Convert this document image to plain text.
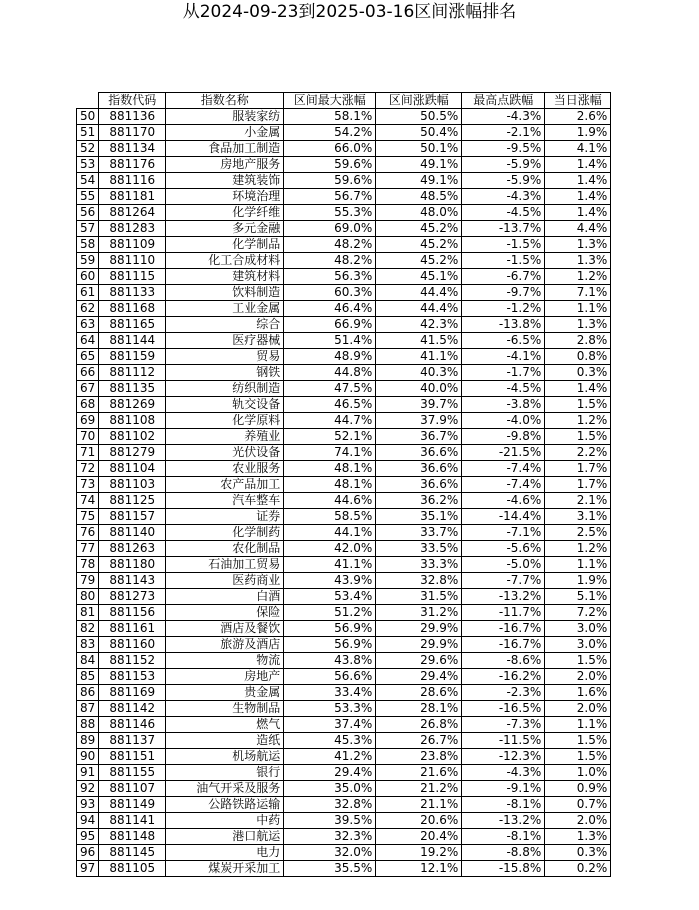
从2024-09-23到2025-03-16区间涨幅排名
	指数代码	指数名称	区间最大涨幅	区间涨跌幅	最高点跌幅	当日涨幅
50	881136	服装家纺	58.1%	50.5%	-4.3%	2.6%
51	881170	小金属	54.2%	50.4%	-2.1%	1.9%
52	881134	食品加工制造	66.0%	50.1%	-9.5%	4.1%
53	881176	房地产服务	59.6%	49.1%	-5.9%	1.4%
54	881116	建筑装饰	59.6%	49.1%	-5.9%	1.4%
55	881181	环境治理	56.7%	48.5%	-4.3%	1.4%
56	881264	化学纤维	55.3%	48.0%	-4.5%	1.4%
57	881283	多元金融	69.0%	45.2%	-13.7%	4.4%
58	881109	化学制品	48.2%	45.2%	-1.5%	1.3%
59	881110	化工合成材料	48.2%	45.2%	-1.5%	1.3%
60	881115	建筑材料	56.3%	45.1%	-6.7%	1.2%
61	881133	饮料制造	60.3%	44.4%	-9.7%	7.1%
62	881168	工业金属	46.4%	44.4%	-1.2%	1.1%
63	881165	综合	66.9%	42.3%	-13.8%	1.3%
64	881144	医疗器械	51.4%	41.5%	-6.5%	2.8%
65	881159	贸易	48.9%	41.1%	-4.1%	0.8%
66	881112	钢铁	44.8%	40.3%	-1.7%	0.3%
67	881135	纺织制造	47.5%	40.0%	-4.5%	1.4%
68	881269	轨交设备	46.5%	39.7%	-3.8%	1.5%
69	881108	化学原料	44.7%	37.9%	-4.0%	1.2%
70	881102	养殖业	52.1%	36.7%	-9.8%	1.5%
71	881279	光伏设备	74.1%	36.6%	-21.5%	2.2%
72	881104	农业服务	48.1%	36.6%	-7.4%	1.7%
73	881103	农产品加工	48.1%	36.6%	-7.4%	1.7%
74	881125	汽车整车	44.6%	36.2%	-4.6%	2.1%
75	881157	证券	58.5%	35.1%	-14.4%	3.1%
76	881140	化学制药	44.1%	33.7%	-7.1%	2.5%
77	881263	农化制品	42.0%	33.5%	-5.6%	1.2%
78	881180	石油加工贸易	41.1%	33.3%	-5.0%	1.1%
79	881143	医药商业	43.9%	32.8%	-7.7%	1.9%
80	881273	白酒	53.4%	31.5%	-13.2%	5.1%
81	881156	保险	51.2%	31.2%	-11.7%	7.2%
82	881161	酒店及餐饮	56.9%	29.9%	-16.7%	3.0%
83	881160	旅游及酒店	56.9%	29.9%	-16.7%	3.0%
84	881152	物流	43.8%	29.6%	-8.6%	1.5%
85	881153	房地产	56.6%	29.4%	-16.2%	2.0%
86	881169	贵金属	33.4%	28.6%	-2.3%	1.6%
87	881142	生物制品	53.3%	28.1%	-16.5%	2.0%
88	881146	燃气	37.4%	26.8%	-7.3%	1.1%
89	881137	造纸	45.3%	26.7%	-11.5%	1.5%
90	881151	机场航运	41.2%	23.8%	-12.3%	1.5%
91	881155	银行	29.4%	21.6%	-4.3%	1.0%
92	881107	油气开采及服务	35.0%	21.2%	-9.1%	0.9%
93	881149	公路铁路运输	32.8%	21.1%	-8.1%	0.7%
94	881141	中药	39.5%	20.6%	-13.2%	2.0%
95	881148	港口航运	32.3%	20.4%	-8.1%	1.3%
96	881145	电力	32.0%	19.2%	-8.8%	0.3%
97	881105	煤炭开采加工	35.5%	12.1%	-15.8%	0.2%
